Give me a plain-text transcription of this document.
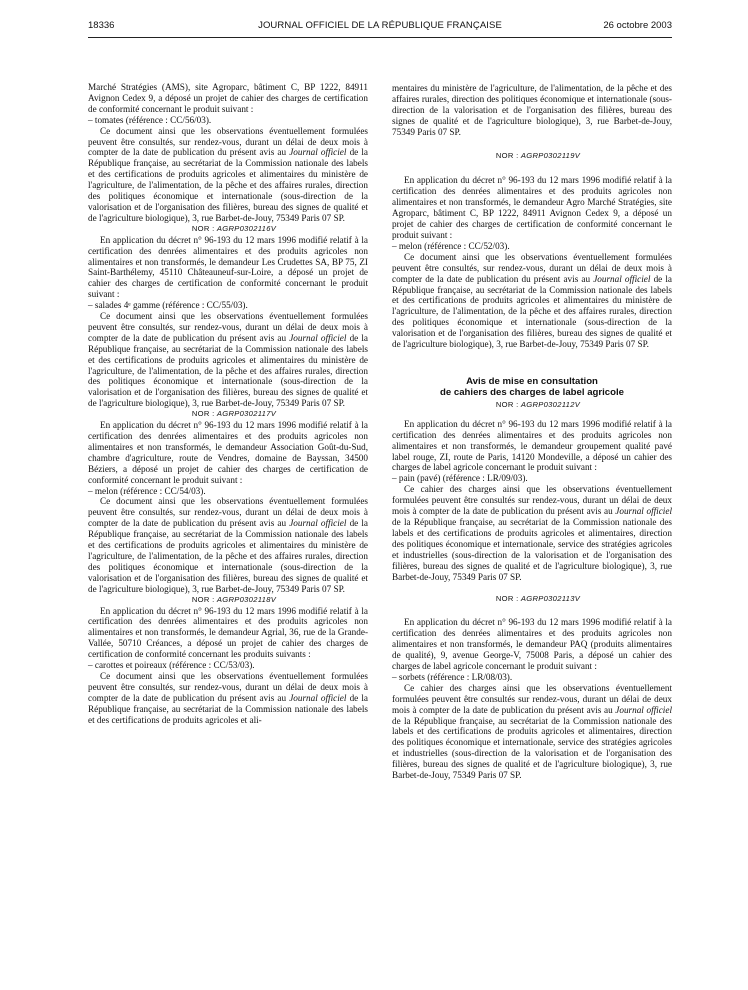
18336	JOURNAL OFFICIEL DE LA RÉPUBLIQUE FRANÇAISE	26 octobre 2003

Marché Stratégies (AMS), site Agroparc, bâtiment C, BP 1222, 84911 Avignon Cedex 9, a déposé un projet de cahier des charges de certification de conformité concernant le produit suivant :

– tomates (référence : CC/56/03).

Ce document ainsi que les observations éventuellement formulées peuvent être consultés, sur rendez-vous, durant un délai de deux mois à compter de la date de publication du présent avis au Journal officiel de la République française, au secrétariat de la Commission nationale des labels et des certifications de produits agricoles et alimentaires du ministère de l'agriculture, de l'alimentation, de la pêche et des affaires rurales, direction des politiques économique et internationale (sous-direction de la valorisation et de l'organisation des filières, bureau des signes de qualité et de l'agriculture biologique), 3, rue Barbet-de-Jouy, 75349 Paris 07 SP.

NOR : AGRP0302116V

En application du décret n° 96-193 du 12 mars 1996 modifié relatif à la certification des denrées alimentaires et des produits agricoles non alimentaires et non transformés, le demandeur Les Crudettes SA, BP 75, ZI Saint-Barthélemy, 45110 Châteauneuf-sur-Loire, a déposé un projet de cahier des charges de certification de conformité concernant le produit suivant :

– salades 4ᵉ gamme (référence : CC/55/03).

Ce document ainsi que les observations éventuellement formulées peuvent être consultés, sur rendez-vous, durant un délai de deux mois à compter de la date de publication du présent avis au Journal officiel de la République française, au secrétariat de la Commission nationale des labels et des certifications de produits agricoles et alimentaires du ministère de l'agriculture, de l'alimentation, de la pêche et des affaires rurales, direction des politiques économique et internationale (sous-direction de la valorisation et de l'organisation des filières, bureau des signes de qualité et de l'agriculture biologique), 3, rue Barbet-de-Jouy, 75349 Paris 07 SP.

NOR : AGRP0302117V

En application du décret n° 96-193 du 12 mars 1996 modifié relatif à la certification des denrées alimentaires et des produits agricoles non alimentaires et non transformés, le demandeur Association Goût-du-Sud, chambre d'agriculture, route de Vendres, domaine de Bayssan, 34500 Béziers, a déposé un projet de cahier des charges de certification de conformité concernant le produit suivant :

– melon (référence : CC/54/03).

Ce document ainsi que les observations éventuellement formulées peuvent être consultés, sur rendez-vous, durant un délai de deux mois à compter de la date de publication du présent avis au Journal officiel de la République française, au secrétariat de la Commission nationale des labels et des certifications de produits agricoles et alimentaires du ministère de l'agriculture, de l'alimentation, de la pêche et des affaires rurales, direction des politiques économique et internationale (sous-direction de la valorisation et de l'organisation des filières, bureau des signes de qualité et de l'agriculture biologique), 3, rue Barbet-de-Jouy, 75349 Paris 07 SP.

NOR : AGRP0302118V

En application du décret n° 96-193 du 12 mars 1996 modifié relatif à la certification des denrées alimentaires et des produits agricoles non alimentaires et non transformés, le demandeur Agrial, 36, rue de la Grande-Vallée, 50710 Créances, a déposé un projet de cahier des charges de certification de conformité concernant les produits suivants :

– carottes et poireaux (référence : CC/53/03).

Ce document ainsi que les observations éventuellement formulées peuvent être consultés, sur rendez-vous, durant un délai de deux mois à compter de la date de publication du présent avis au Journal officiel de la République française, au secrétariat de la Commission nationale des labels et des certifications de produits agricoles et ali-

mentaires du ministère de l'agriculture, de l'alimentation, de la pêche et des affaires rurales, direction des politiques économique et internationale (sous-direction de la valorisation et de l'organisation des filières, bureau des signes de qualité et de l'agriculture biologique), 3, rue Barbet-de-Jouy, 75349 Paris 07 SP.

NOR : AGRP0302119V

En application du décret n° 96-193 du 12 mars 1996 modifié relatif à la certification des denrées alimentaires et des produits agricoles non alimentaires et non transformés, le demandeur Agro Marché Stratégies, site Agroparc, bâtiment C, BP 1222, 84911 Avignon Cedex 9, a déposé un projet de cahier des charges de certification de conformité concernant le produit suivant :

– melon (référence : CC/52/03).

Ce document ainsi que les observations éventuellement formulées peuvent être consultés, sur rendez-vous, durant un délai de deux mois à compter de la date de publication du présent avis au Journal officiel de la République française, au secrétariat de la Commission nationale des labels et des certifications de produits agricoles et alimentaires du ministère de l'agriculture, de l'alimentation, de la pêche et des affaires rurales, direction des politiques économique et internationale (sous-direction de la valorisation et de l'organisation des filières, bureau des signes de qualité et de l'agriculture biologique), 3, rue Barbet-de-Jouy, 75349 Paris 07 SP.

Avis de mise en consultation
de cahiers des charges de label agricole

NOR : AGRP0302112V

En application du décret n° 96-193 du 12 mars 1996 modifié relatif à la certification des denrées alimentaires et des produits agricoles non alimentaires et non transformés, le demandeur groupement qualité pavé label rouge, ZI, route de Paris, 14120 Mondeville, a déposé un cahier des charges de label agricole concernant le produit suivant :

– pain (pavé) (référence : LR/09/03).

Ce cahier des charges ainsi que les observations éventuellement formulées peuvent être consultés sur rendez-vous, durant un délai de deux mois à compter de la date de publication du présent avis au Journal officiel de la République française, au secrétariat de la Commission nationale des labels et des certifications de produits agricoles et alimentaires, direction des politiques économique et internationale, service des stratégies agricoles et industrielles (sous-direction de la valorisation et de l'organisation des filières, bureau des signes de qualité et de l'agriculture biologique), 3, rue Barbet-de-Jouy, 75349 Paris 07 SP.

NOR : AGRP0302113V

En application du décret n° 96-193 du 12 mars 1996 modifié relatif à la certification des denrées alimentaires et des produits agricoles non alimentaires et non transformés, le demandeur PAQ (produits alimentaires de qualité), 9, avenue George-V, 75008 Paris, a déposé un cahier des charges de label agricole concernant le produit suivant :

– sorbets (référence : LR/08/03).

Ce cahier des charges ainsi que les observations éventuellement formulées peuvent être consultés sur rendez-vous, durant un délai de deux mois à compter de la date de publication du présent avis au Journal officiel de la République française, au secrétariat de la Commission nationale des labels et des certifications de produits agricoles et alimentaires, direction des politiques économique et internationale, service des stratégies agricoles et industrielles (sous-direction de la valorisation et de l'organisation des filières, bureau des signes de qualité et de l'agriculture biologique), 3, rue Barbet-de-Jouy, 75349 Paris 07 SP.
